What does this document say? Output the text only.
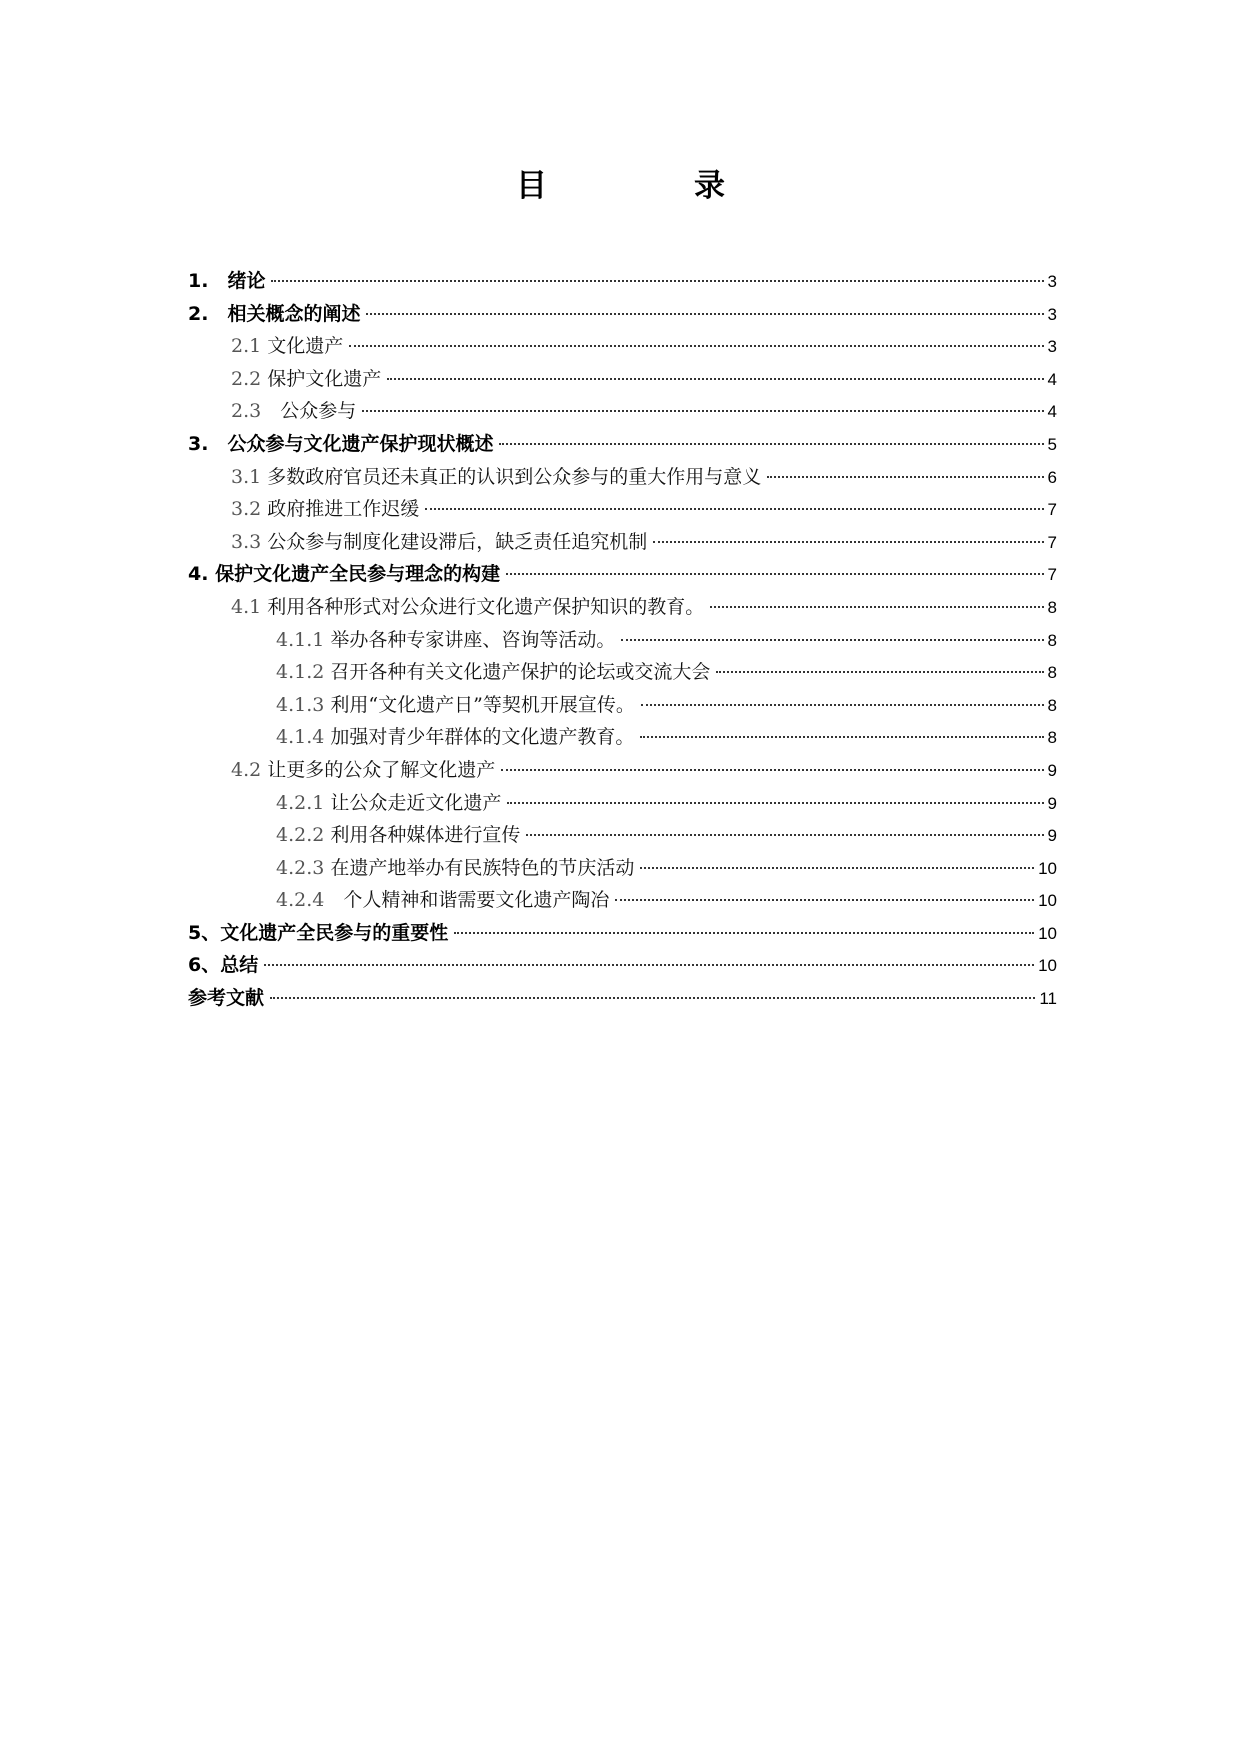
目　录
1.　绪论	3
2.　相关概念的阐述	3
2.1 文化遗产	3
2.2 保护文化遗产	4
2.3　公众参与	4
3.　公众参与文化遗产保护现状概述	5
3.1 多数政府官员还未真正的认识到公众参与的重大作用与意义	6
3.2 政府推进工作迟缓	7
3.3 公众参与制度化建设滞后，缺乏责任追究机制	7
4. 保护文化遗产全民参与理念的构建	7
4.1 利用各种形式对公众进行文化遗产保护知识的教育。	8
4.1.1 举办各种专家讲座、咨询等活动。	8
4.1.2 召开各种有关文化遗产保护的论坛或交流大会	8
4.1.3 利用“文化遗产日”等契机开展宣传。	8
4.1.4 加强对青少年群体的文化遗产教育。	8
4.2 让更多的公众了解文化遗产	9
4.2.1 让公众走近文化遗产	9
4.2.2 利用各种媒体进行宣传	9
4.2.3 在遗产地举办有民族特色的节庆活动	10
4.2.4　个人精神和谐需要文化遗产陶冶	10
5、文化遗产全民参与的重要性	10
6、总结	10
参考文献	11
